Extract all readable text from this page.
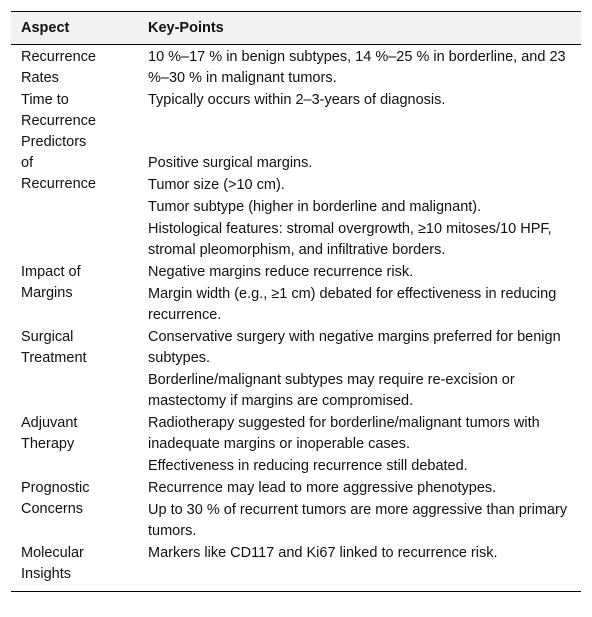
Aspect	Key-Points
Recurrence
Rates
10 %–17 % in benign subtypes, 14 %–25 % in borderline, and 23 %–30 % in malignant tumors.
Time to
Recurrence
Typically occurs within 2–3-years of diagnosis.
Predictors
of
Recurrence
Positive surgical margins.
Tumor size (>10 cm).
Tumor subtype (higher in borderline and malignant).
Histological features: stromal overgrowth, ≥10 mitoses/10 HPF, stromal pleomorphism, and infiltrative borders.
Impact of
Margins
Negative margins reduce recurrence risk.
Margin width (e.g., ≥1 cm) debated for effectiveness in reducing recurrence.
Surgical
Treatment
Conservative surgery with negative margins preferred for benign subtypes.
Borderline/malignant subtypes may require re-excision or mastectomy if margins are compromised.
Adjuvant
Therapy
Radiotherapy suggested for borderline/malignant tumors with inadequate margins or inoperable cases.
Effectiveness in reducing recurrence still debated.
Prognostic
Concerns
Recurrence may lead to more aggressive phenotypes.
Up to 30 % of recurrent tumors are more aggressive than primary tumors.
Molecular
Insights
Markers like CD117 and Ki67 linked to recurrence risk.
